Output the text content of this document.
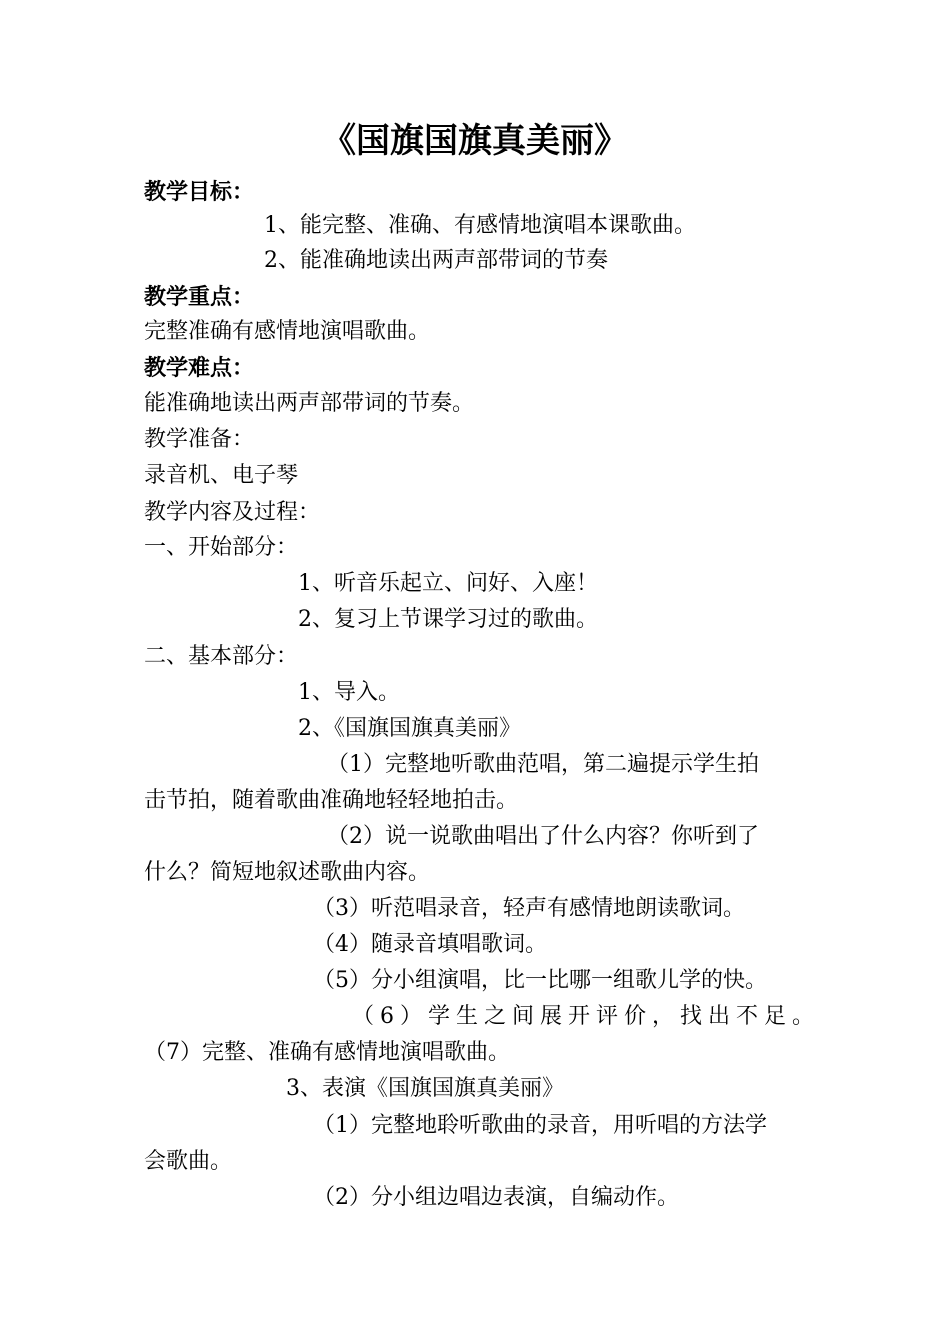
《国旗国旗真美丽》
教学目标：
1、能完整、准确、有感情地演唱本课歌曲。
2、能准确地读出两声部带词的节奏
教学重点：
完整准确有感情地演唱歌曲。
教学难点：
能准确地读出两声部带词的节奏。
教学准备：
录音机、电子琴
教学内容及过程：
一、开始部分：
1、听音乐起立、问好、入座！
2、复习上节课学习过的歌曲。
二、基本部分：
1、导入。
2、《国旗国旗真美丽》
（1）完整地听歌曲范唱，第二遍提示学生拍
击节拍，随着歌曲准确地轻轻地拍击。
（2）说一说歌曲唱出了什么内容？你听到了
什么？简短地叙述歌曲内容。
（3）听范唱录音，轻声有感情地朗读歌词。
（4）随录音填唱歌词。
（5）分小组演唱，比一比哪一组歌儿学的快。
（6）学生之间展开评价，找出不足。
（7）完整、准确有感情地演唱歌曲。
3、表演《国旗国旗真美丽》
（1）完整地聆听歌曲的录音，用听唱的方法学
会歌曲。
（2）分小组边唱边表演，自编动作。
